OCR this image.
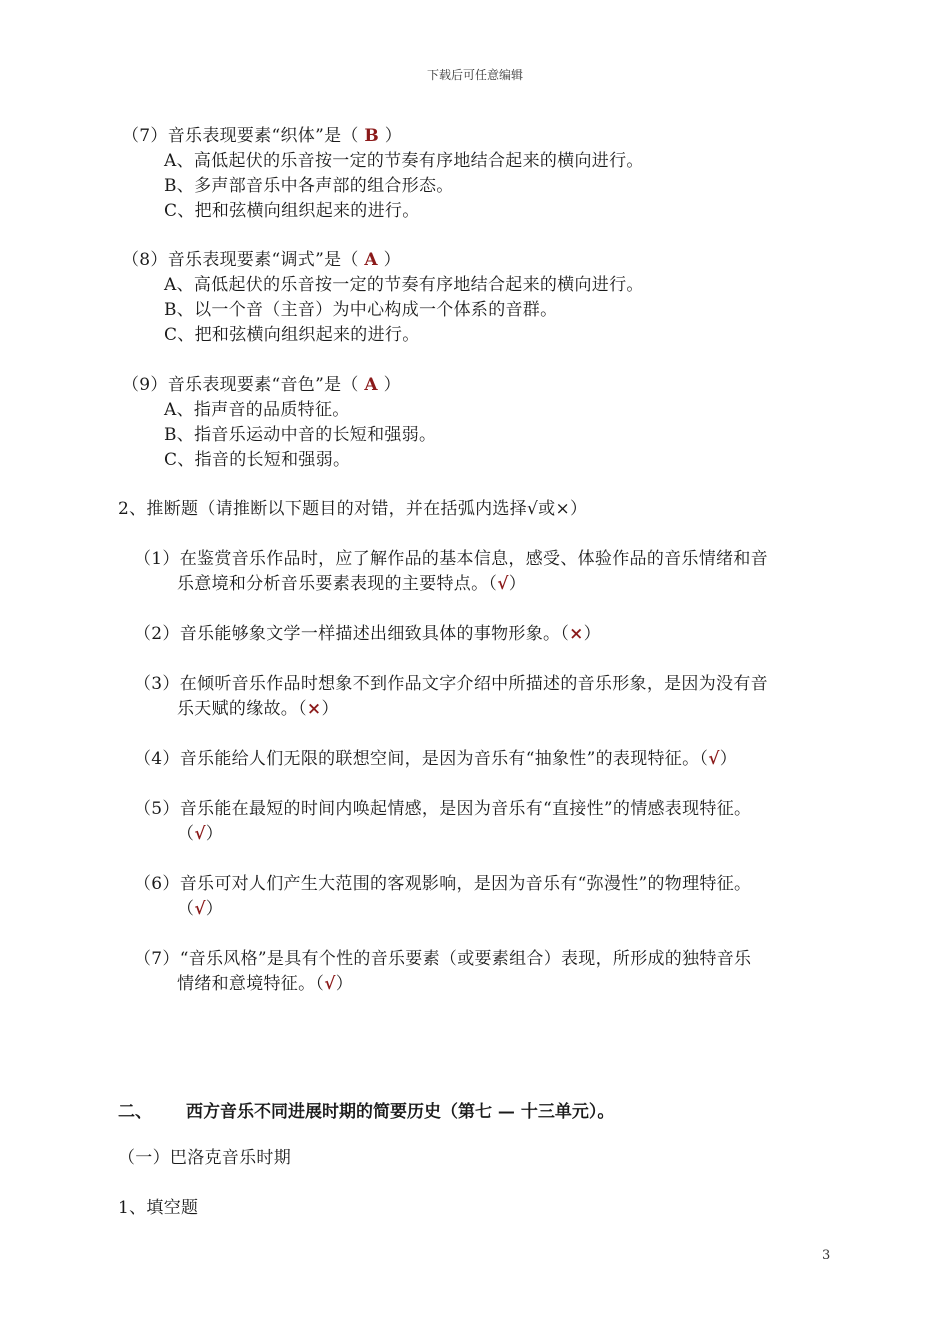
下载后可任意编辑
（7）音乐表现要素“织体”是（ B ）
A、高低起伏的乐音按一定的节奏有序地结合起来的横向进行。
B、多声部音乐中各声部的组合形态。
C、把和弦横向组织起来的进行。
（8）音乐表现要素“调式”是（ A ）
A、高低起伏的乐音按一定的节奏有序地结合起来的横向进行。
B、以一个音（主音）为中心构成一个体系的音群。
C、把和弦横向组织起来的进行。
（9）音乐表现要素“音色”是（ A ）
A、指声音的品质特征。
B、指音乐运动中音的长短和强弱。
C、指音的长短和强弱。
2、推断题（请推断以下题目的对错，并在括弧内选择√或×）
（1）在鉴赏音乐作品时，应了解作品的基本信息，感受、体验作品的音乐情绪和音
乐意境和分析音乐要素表现的主要特点。（√）
（2）音乐能够象文学一样描述出细致具体的事物形象。（×）
（3）在倾听音乐作品时想象不到作品文字介绍中所描述的音乐形象，是因为没有音
乐天赋的缘故。（×）
（4）音乐能给人们无限的联想空间，是因为音乐有“抽象性”的表现特征。（√）
（5）音乐能在最短的时间内唤起情感，是因为音乐有“直接性”的情感表现特征。
（√）
（6）音乐可对人们产生大范围的客观影响，是因为音乐有“弥漫性”的物理特征。
（√）
（7）“音乐风格”是具有个性的音乐要素（或要素组合）表现，所形成的独特音乐
情绪和意境特征。（√）
二、 西方音乐不同进展时期的简要历史（第七 — 十三单元）。
（一）巴洛克音乐时期
1、填空题
3
